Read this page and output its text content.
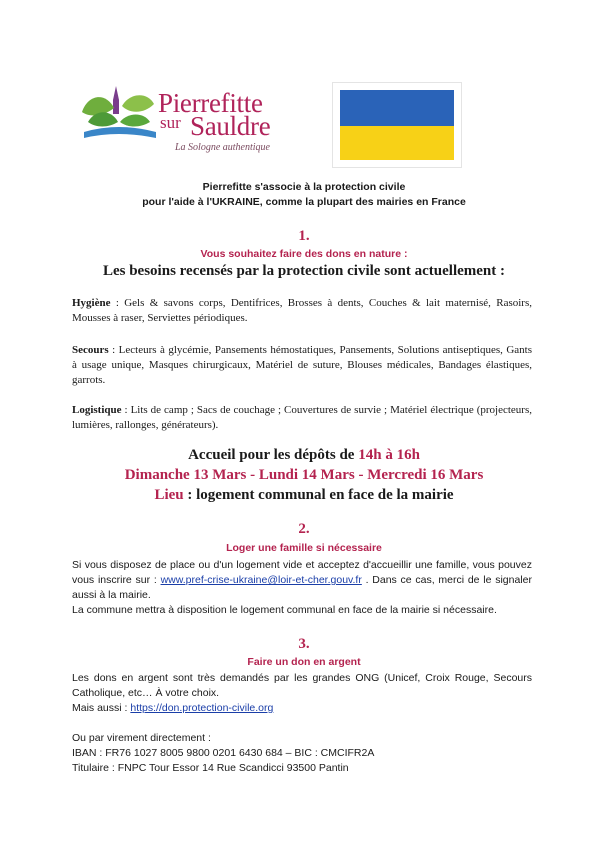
Pierrefitte
sur Sauldre
La Sologne authentique
Pierrefitte s'associe à la protection civile
pour l'aide à l'UKRAINE, comme la plupart des mairies en France
1.
Vous souhaitez faire des dons en nature :
Les besoins recensés par la protection civile sont actuellement :
Hygiène : Gels & savons corps, Dentifrices, Brosses à dents, Couches & lait maternisé, Rasoirs, Mousses à raser, Serviettes périodiques.
Secours : Lecteurs à glycémie, Pansements hémostatiques, Pansements, Solutions antiseptiques, Gants à usage unique, Masques chirurgicaux, Matériel de suture, Blouses médicales, Bandages élastiques, garrots.
Logistique : Lits de camp ; Sacs de couchage ; Couvertures de survie ; Matériel électrique (projecteurs, lumières, rallonges, générateurs).
Accueil pour les dépôts de 14h à 16h
Dimanche 13 Mars - Lundi 14 Mars - Mercredi 16 Mars
Lieu : logement communal en face de la mairie
2.
Loger une famille si nécessaire
Si vous disposez de place ou d'un logement vide et acceptez d'accueillir une famille, vous pouvez vous inscrire sur : www.pref-crise-ukraine@loir-et-cher.gouv.fr . Dans ce cas, merci de le signaler aussi à la mairie.
La commune mettra à disposition le logement communal en face de la mairie si nécessaire.
3.
Faire un don en argent
Les dons en argent sont très demandés par les grandes ONG (Unicef, Croix Rouge, Secours Catholique, etc… À votre choix.
Mais aussi : https://don.protection-civile.org
Ou par virement directement :
IBAN : FR76 1027 8005 9800 0201 6430 684 – BIC : CMCIFR2A
Titulaire : FNPC Tour Essor 14 Rue Scandicci 93500 Pantin
